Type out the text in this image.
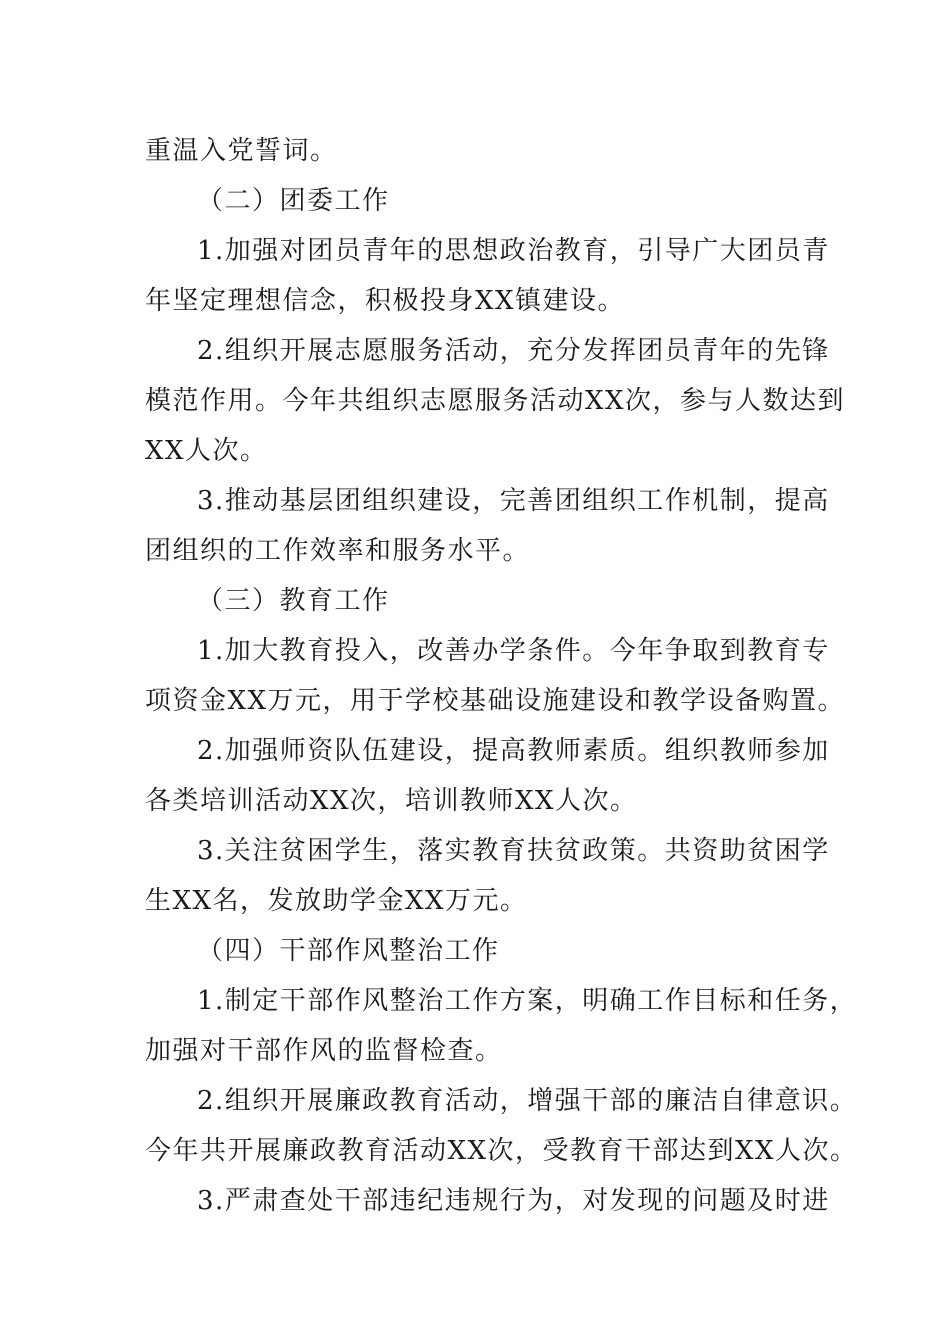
重温入党誓词。
（二）团委工作
1.加强对团员青年的思想政治教育，引导广大团员青
年坚定理想信念，积极投身XX镇建设。
2.组织开展志愿服务活动，充分发挥团员青年的先锋
模范作用。今年共组织志愿服务活动XX次，参与人数达到
XX人次。
3.推动基层团组织建设，完善团组织工作机制，提高
团组织的工作效率和服务水平。
（三）教育工作
1.加大教育投入，改善办学条件。今年争取到教育专
项资金XX万元，用于学校基础设施建设和教学设备购置。
2.加强师资队伍建设，提高教师素质。组织教师参加
各类培训活动XX次，培训教师XX人次。
3.关注贫困学生，落实教育扶贫政策。共资助贫困学
生XX名，发放助学金XX万元。
（四）干部作风整治工作
1.制定干部作风整治工作方案，明确工作目标和任务，
加强对干部作风的监督检查。
2.组织开展廉政教育活动，增强干部的廉洁自律意识。
今年共开展廉政教育活动XX次，受教育干部达到XX人次。
3.严肃查处干部违纪违规行为，对发现的问题及时进
